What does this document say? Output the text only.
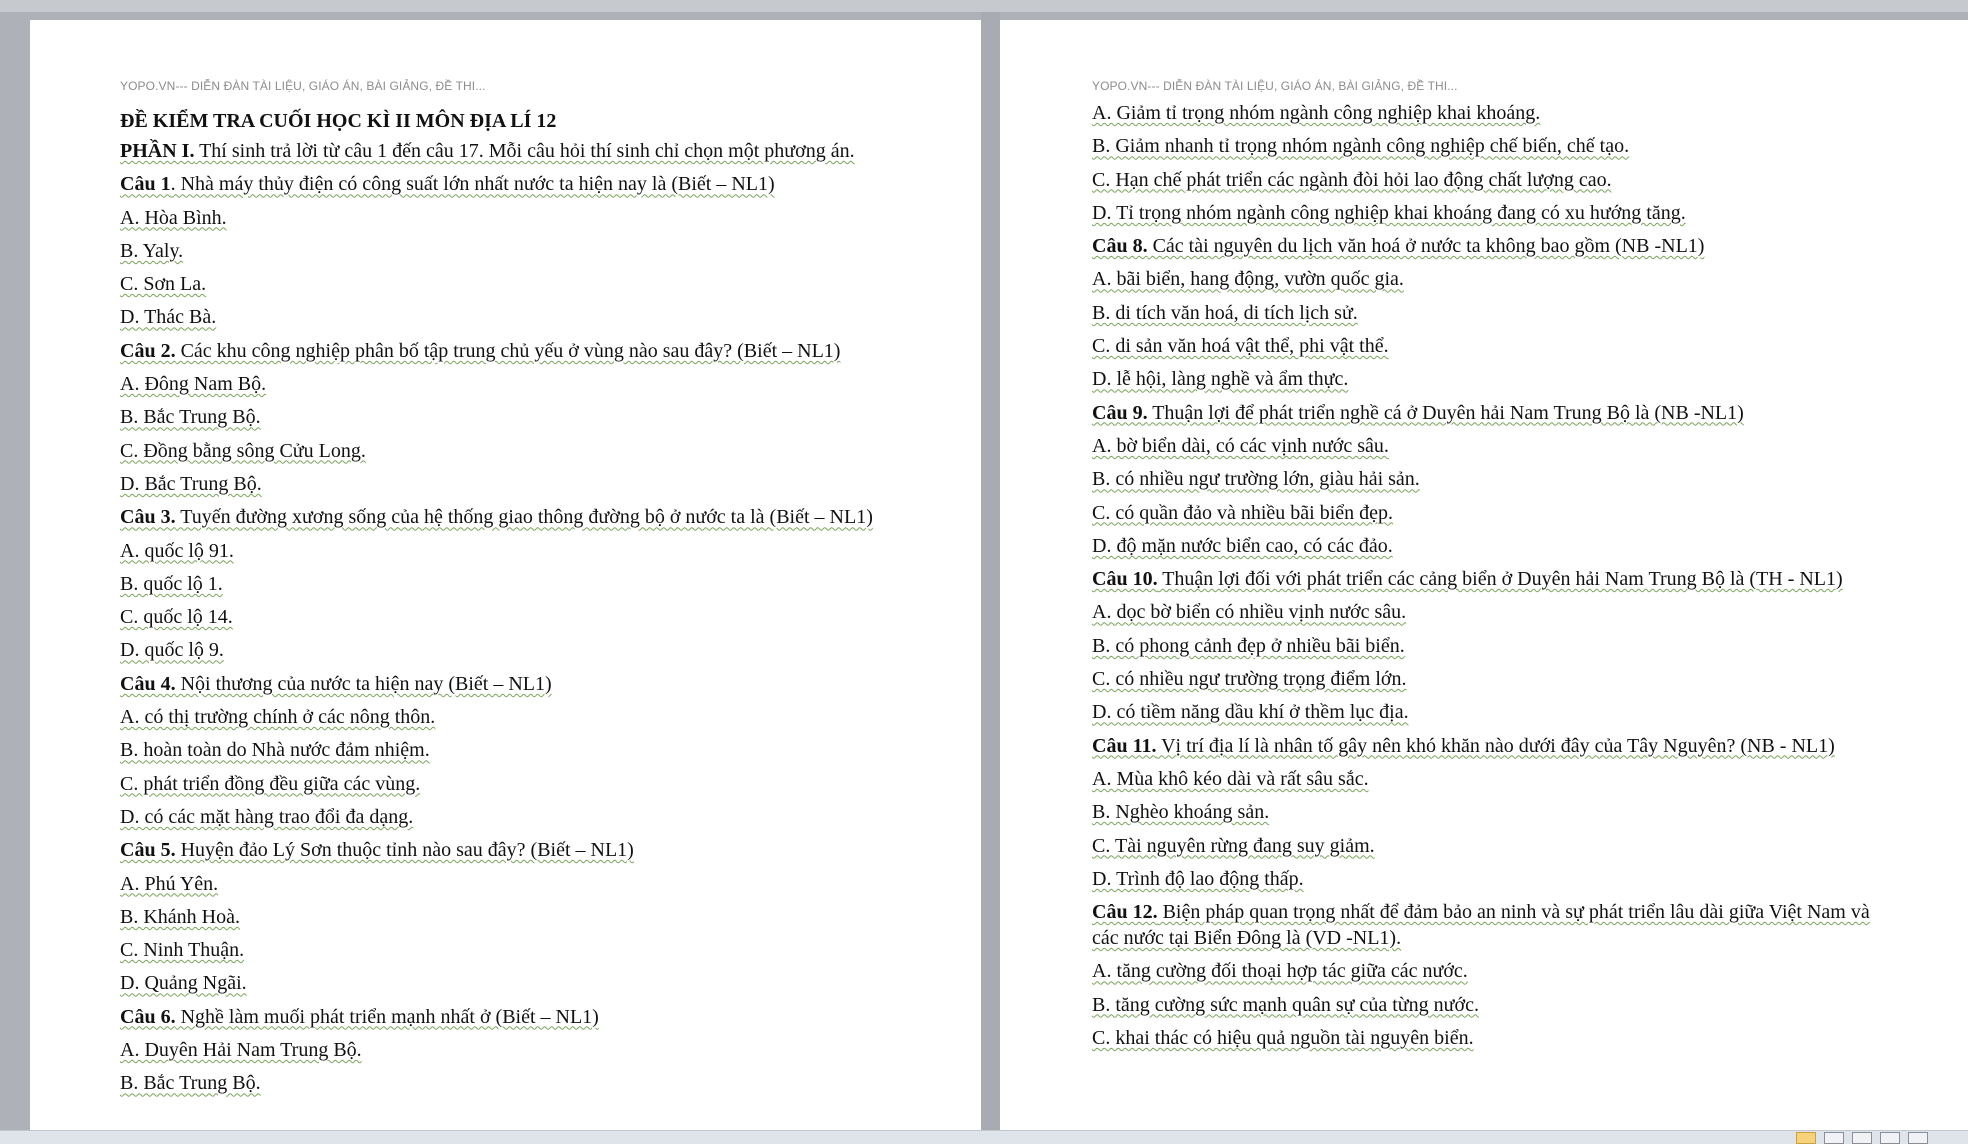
YOPO.VN--- DIỄN ĐÀN TÀI LIỆU, GIÁO ÁN, BÀI GIẢNG, ĐỀ THI...
ĐỀ KIỂM TRA CUỐI HỌC KÌ II MÔN ĐỊA LÍ 12
PHẦN I. Thí sinh trả lời từ câu 1 đến câu 17. Mỗi câu hỏi thí sinh chỉ chọn một phương án.
Câu 1. Nhà máy thủy điện có công suất lớn nhất nước ta hiện nay là (Biết – NL1)
A. Hòa Bình.
B. Yaly.
C. Sơn La.
D. Thác Bà.
Câu 2. Các khu công nghiệp phân bố tập trung chủ yếu ở vùng nào sau đây? (Biết – NL1)
A. Đông Nam Bộ.
B. Bắc Trung Bộ.
C. Đồng bằng sông Cửu Long.
D. Bắc Trung Bộ.
Câu 3. Tuyến đường xương sống của hệ thống giao thông đường bộ ở nước ta là (Biết – NL1)
A. quốc lộ 91.
B. quốc lộ 1.
C. quốc lộ 14.
D. quốc lộ 9.
Câu 4. Nội thương của nước ta hiện nay (Biết – NL1)
A. có thị trường chính ở các nông thôn.
B. hoàn toàn do Nhà nước đảm nhiệm.
C. phát triển đồng đều giữa các vùng.
D. có các mặt hàng trao đổi đa dạng.
Câu 5. Huyện đảo Lý Sơn thuộc tỉnh nào sau đây? (Biết – NL1)
A. Phú Yên.
B. Khánh Hoà.
C. Ninh Thuận.
D. Quảng Ngãi.
Câu 6. Nghề làm muối phát triển mạnh nhất ở (Biết – NL1)
A. Duyên Hải Nam Trung Bộ.
B. Bắc Trung Bộ.
YOPO.VN--- DIỄN ĐÀN TÀI LIỆU, GIÁO ÁN, BÀI GIẢNG, ĐỀ THI...
A. Giảm tỉ trọng nhóm ngành công nghiệp khai khoáng.
B. Giảm nhanh tỉ trọng nhóm ngành công nghiệp chế biến, chế tạo.
C. Hạn chế phát triển các ngành đòi hỏi lao động chất lượng cao.
D. Tỉ trọng nhóm ngành công nghiệp khai khoáng đang có xu hướng tăng.
Câu 8. Các tài nguyên du lịch văn hoá ở nước ta không bao gồm (NB -NL1)
A. bãi biển, hang động, vườn quốc gia.
B. di tích văn hoá, di tích lịch sử.
C. di sản văn hoá vật thể, phi vật thể.
D. lễ hội, làng nghề và ẩm thực.
Câu 9. Thuận lợi để phát triển nghề cá ở Duyên hải Nam Trung Bộ là (NB -NL1)
A. bờ biển dài, có các vịnh nước sâu.
B. có nhiều ngư trường lớn, giàu hải sản.
C. có quần đảo và nhiều bãi biển đẹp.
D. độ mặn nước biển cao, có các đảo.
Câu 10. Thuận lợi đối với phát triển các cảng biển ở Duyên hải Nam Trung Bộ là (TH - NL1)
A. dọc bờ biển có nhiều vịnh nước sâu.
B. có phong cảnh đẹp ở nhiều bãi biển.
C. có nhiều ngư trường trọng điểm lớn.
D. có tiềm năng dầu khí ở thềm lục địa.
Câu 11. Vị trí địa lí là nhân tố gây nên khó khăn nào dưới đây của Tây Nguyên? (NB - NL1)
A. Mùa khô kéo dài và rất sâu sắc.
B. Nghèo khoáng sản.
C. Tài nguyên rừng đang suy giảm.
D. Trình độ lao động thấp.
Câu 12. Biện pháp quan trọng nhất để đảm bảo an ninh và sự phát triển lâu dài giữa Việt Nam và các nước tại Biển Đông là (VD -NL1).
A. tăng cường đối thoại hợp tác giữa các nước.
B. tăng cường sức mạnh quân sự của từng nước.
C. khai thác có hiệu quả nguồn tài nguyên biển.
